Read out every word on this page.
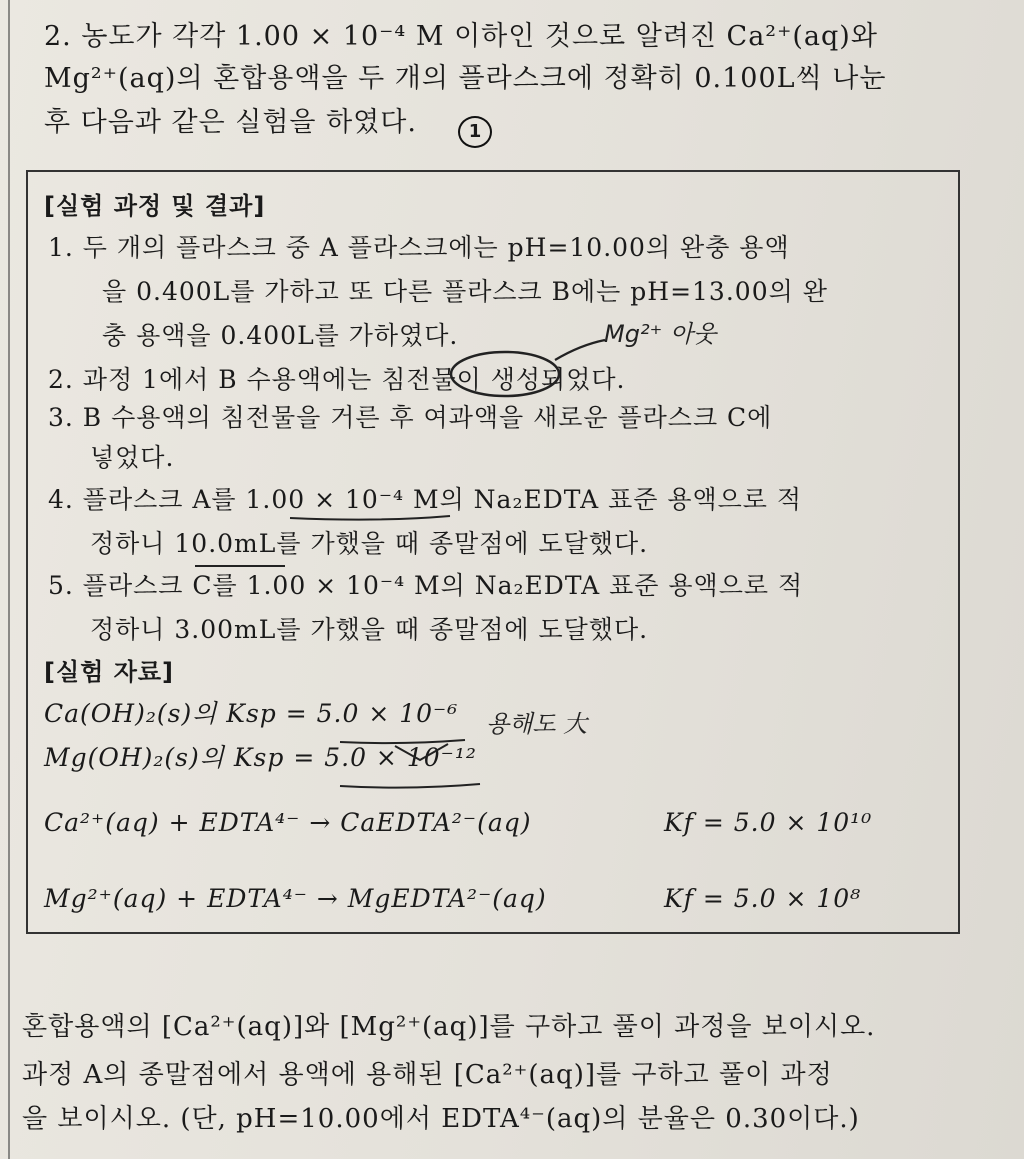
2. 농도가 각각 1.00 × 10⁻⁴ M 이하인 것으로 알려진 Ca²⁺(aq)와
Mg²⁺(aq)의 혼합용액을 두 개의 플라스크에 정확히 0.100L씩 나눈
후 다음과 같은 실험을 하였다.	1
[실험 과정 및 결과]
1. 두 개의 플라스크 중 A 플라스크에는 pH=10.00의 완충 용액
을 0.400L를 가하고 또 다른 플라스크 B에는 pH=13.00의 완
충 용액을 0.400L를 가하였다.
2. 과정 1에서 B 수용액에는 침전물이 생성되었다.
3. B 수용액의 침전물을 거른 후 여과액을 새로운 플라스크 C에
넣었다.
4. 플라스크 A를 1.00 × 10⁻⁴ M의 Na₂EDTA 표준 용액으로 적
정하니 10.0mL를 가했을 때 종말점에 도달했다.
5. 플라스크 C를 1.00 × 10⁻⁴ M의 Na₂EDTA 표준 용액으로 적
정하니 3.00mL를 가했을 때 종말점에 도달했다.
[실험 자료]
Ca(OH)₂(s)의 Ksp = 5.0 × 10⁻⁶
Mg(OH)₂(s)의 Ksp = 5.0 × 10⁻¹²
Ca²⁺(aq) + EDTA⁴⁻ → CaEDTA²⁻(aq)	Kf = 5.0 × 10¹⁰
Mg²⁺(aq) + EDTA⁴⁻ → MgEDTA²⁻(aq)	Kf = 5.0 × 10⁸
Mg²⁺ 아웃
용해도 大
혼합용액의 [Ca²⁺(aq)]와 [Mg²⁺(aq)]를 구하고 풀이 과정을 보이시오.
과정 A의 종말점에서 용액에 용해된 [Ca²⁺(aq)]를 구하고 풀이 과정
을 보이시오. (단, pH=10.00에서 EDTA⁴⁻(aq)의 분율은 0.30이다.)
